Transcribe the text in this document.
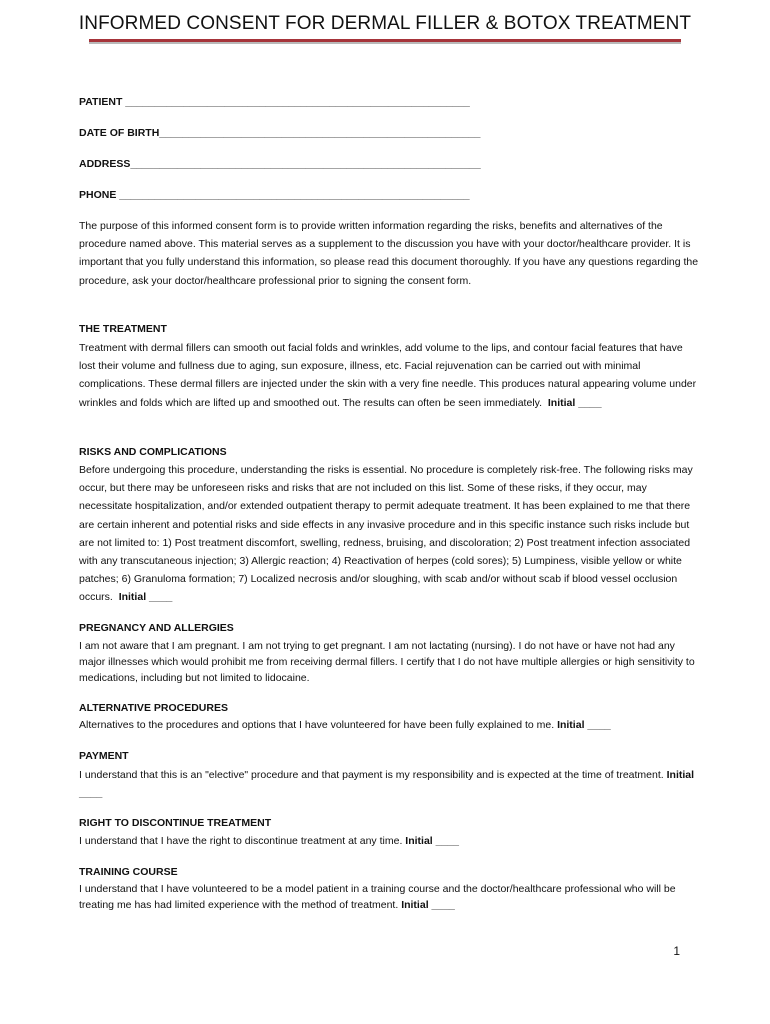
INFORMED CONSENT FOR DERMAL FILLER & BOTOX TREATMENT

PATIENT ___________________________________________________________

DATE OF BIRTH_______________________________________________________

ADDRESS____________________________________________________________

PHONE ____________________________________________________________

The purpose of this informed consent form is to provide written information regarding the risks, benefits and alternatives of the procedure named above. This material serves as a supplement to the discussion you have with your doctor/healthcare provider. It is important that you fully understand this information, so please read this document thoroughly. If you have any questions regarding the procedure, ask your doctor/healthcare professional prior to signing the consent form.

THE TREATMENT

Treatment with dermal fillers can smooth out facial folds and wrinkles, add volume to the lips, and contour facial features that have lost their volume and fullness due to aging, sun exposure, illness, etc. Facial rejuvenation can be carried out with minimal complications. These dermal fillers are injected under the skin with a very fine needle. This produces natural appearing volume under wrinkles and folds which are lifted up and smoothed out. The results can often be seen immediately. Initial ____

RISKS AND COMPLICATIONS

Before undergoing this procedure, understanding the risks is essential. No procedure is completely risk-free. The following risks may occur, but there may be unforeseen risks and risks that are not included on this list. Some of these risks, if they occur, may necessitate hospitalization, and/or extended outpatient therapy to permit adequate treatment. It has been explained to me that there are certain inherent and potential risks and side effects in any invasive procedure and in this specific instance such risks include but are not limited to: 1) Post treatment discomfort, swelling, redness, bruising, and discoloration; 2) Post treatment infection associated with any transcutaneous injection; 3) Allergic reaction; 4) Reactivation of herpes (cold sores); 5) Lumpiness, visible yellow or white patches; 6) Granuloma formation; 7) Localized necrosis and/or sloughing, with scab and/or without scab if blood vessel occlusion occurs. Initial ____

PREGNANCY AND ALLERGIES

I am not aware that I am pregnant. I am not trying to get pregnant. I am not lactating (nursing). I do not have or have not had any major illnesses which would prohibit me from receiving dermal fillers. I certify that I do not have multiple allergies or high sensitivity to medications, including but not limited to lidocaine.

ALTERNATIVE PROCEDURES

Alternatives to the procedures and options that I have volunteered for have been fully explained to me. Initial ____

PAYMENT

I understand that this is an "elective" procedure and that payment is my responsibility and is expected at the time of treatment. Initial ____

RIGHT TO DISCONTINUE TREATMENT

I understand that I have the right to discontinue treatment at any time. Initial ____

TRAINING COURSE

I understand that I have volunteered to be a model patient in a training course and the doctor/healthcare professional who will be treating me has had limited experience with the method of treatment. Initial ____

1
